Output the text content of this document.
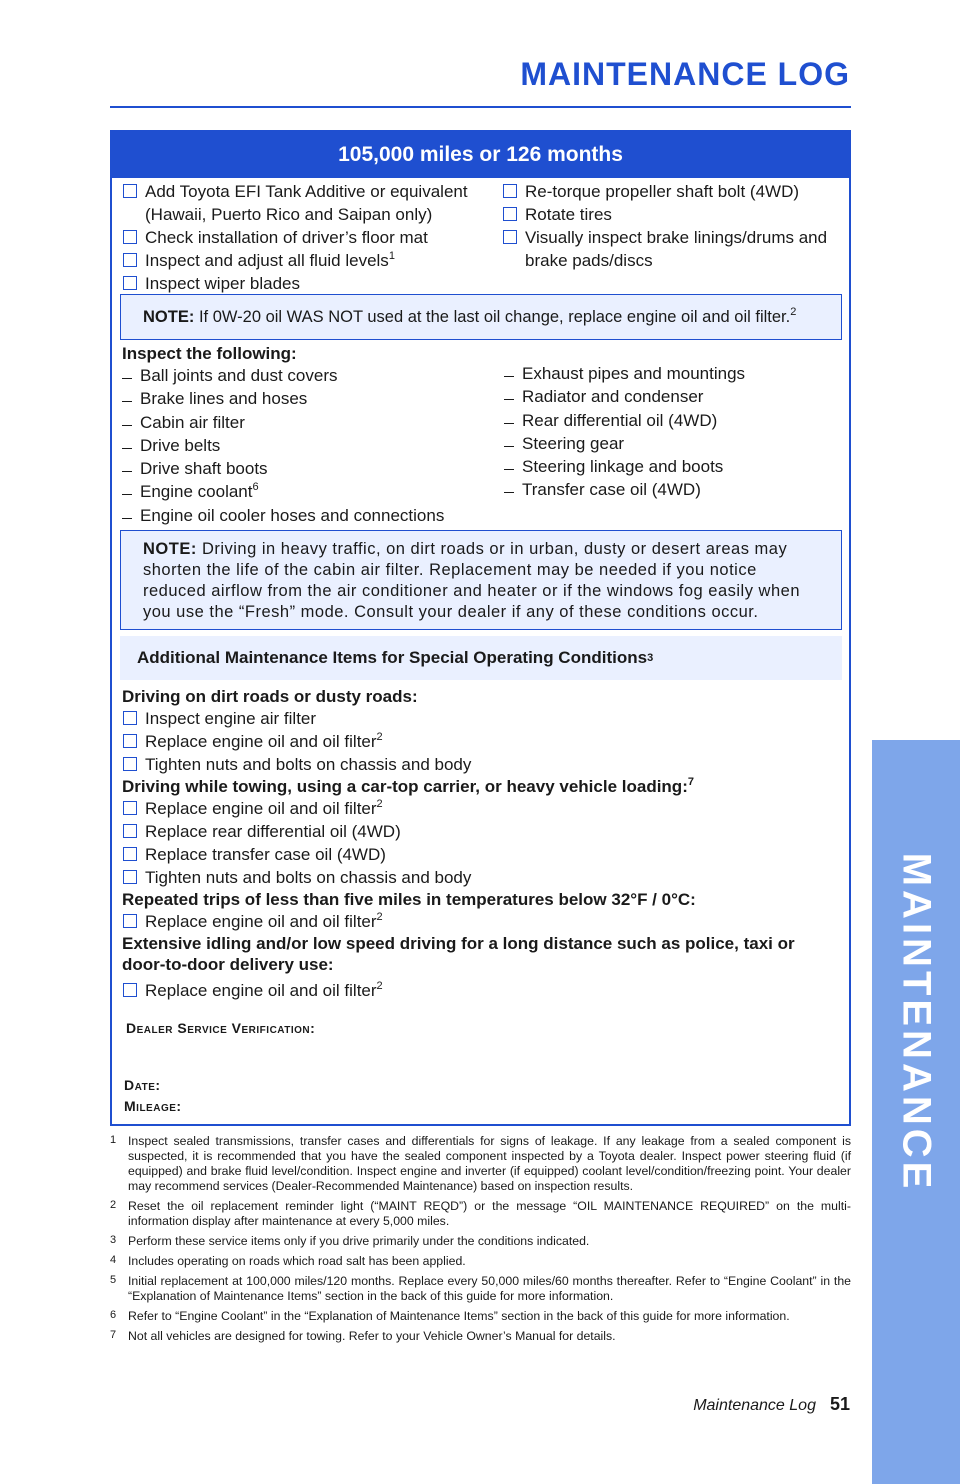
MAINTENANCE LOG
MAINTENANCE
105,000 miles or 126 months
Add Toyota EFI Tank Additive or equivalent (Hawaii, Puerto Rico and Saipan only)
Check installation of driver’s floor mat
Inspect and adjust all fluid levels$^1$
Inspect wiper blades
Re-torque propeller shaft bolt (4WD)
Rotate tires
Visually inspect brake linings/drums and brake pads/discs
NOTE: If 0W-20 oil WAS NOT used at the last oil change, replace engine oil and oil filter.$^2$
Inspect the following:
Ball joints and dust covers
Brake lines and hoses
Cabin air filter
Drive belts
Drive shaft boots
Engine coolant$^6$
Engine oil cooler hoses and connections
Exhaust pipes and mountings
Radiator and condenser
Rear differential oil (4WD)
Steering gear
Steering linkage and boots
Transfer case oil (4WD)
NOTE: Driving in heavy traffic, on dirt roads or in urban, dusty or desert areas may shorten the life of the cabin air filter. Replacement may be needed if you notice reduced airflow from the air conditioner and heater or if the windows fog easily when you use the “Fresh” mode. Consult your dealer if any of these conditions occur.
Additional Maintenance Items for Special Operating Conditions 3
Driving on dirt roads or dusty roads:
Inspect engine air filter
Replace engine oil and oil filter$^2$
Tighten nuts and bolts on chassis and body
Driving while towing, using a car-top carrier, or heavy vehicle loading:$^7$
Replace engine oil and oil filter$^2$
Replace rear differential oil (4WD)
Replace transfer case oil (4WD)
Tighten nuts and bolts on chassis and body
Repeated trips of less than five miles in temperatures below 32°F / 0°C:
Replace engine oil and oil filter$^2$
Extensive idling and/or low speed driving for a long distance such as police, taxi or door-to-door delivery use:
Replace engine oil and oil filter$^2$
Dealer Service Verification:
Date:
Mileage:
1 Inspect sealed transmissions, transfer cases and differentials for signs of leakage. If any leakage from a sealed component is suspected, it is recommended that you have the sealed component inspected by a Toyota dealer. Inspect power steering fluid (if equipped) and brake fluid level/condition. Inspect engine and inverter (if equipped) coolant level/condition/freezing point. Your dealer may recommend services (Dealer-Recommended Maintenance) based on inspection results.
2 Reset the oil replacement reminder light (“MAINT REQD”) or the message “OIL MAINTENANCE REQUIRED” on the multi-information display after maintenance at every 5,000 miles.
3 Perform these service items only if you drive primarily under the conditions indicated.
4 Includes operating on roads which road salt has been applied.
5 Initial replacement at 100,000 miles/120 months. Replace every 50,000 miles/60 months thereafter. Refer to “Engine Coolant” in the “Explanation of Maintenance Items” section in the back of this guide for more information.
6 Refer to “Engine Coolant” in the “Explanation of Maintenance Items” section in the back of this guide for more information.
7 Not all vehicles are designed for towing. Refer to your Vehicle Owner’s Manual for details.
Maintenance Log 51
